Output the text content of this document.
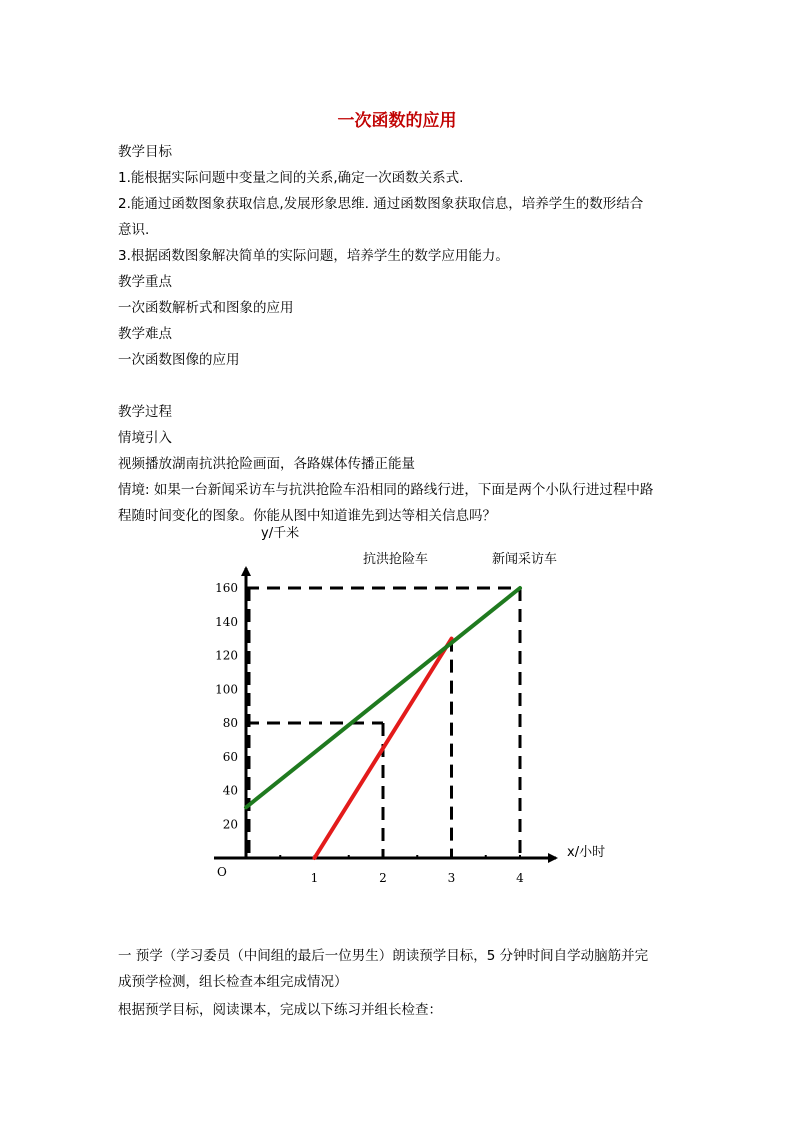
一次函数的应用
教学目标
1.能根据实际问题中变量之间的关系,确定一次函数关系式.
2.能通过函数图象获取信息,发展形象思维. 通过函数图象获取信息，培养学生的数形结合
意识.
3.根据函数图象解决简单的实际问题，培养学生的数学应用能力。
教学重点
一次函数解析式和图象的应用
教学难点
一次函数图像的应用
教学过程
情境引入
视频播放湖南抗洪抢险画面，各路媒体传播正能量
情境: 如果一台新闻采访车与抗洪抢险车沿相同的路线行进，下面是两个小队行进过程中路
程随时间变化的图象。你能从图中知道谁先到达等相关信息吗？
1	2	3	4
20
40
60
80
100
120
140
160
O
y/千米
x/小时
抗洪抢险车	新闻采访车
一 预学（学习委员（中间组的最后一位男生）朗读预学目标，5 分钟时间自学动脑筋并完
成预学检测，组长检查本组完成情况）
根据预学目标，阅读课本，完成以下练习并组长检查：
